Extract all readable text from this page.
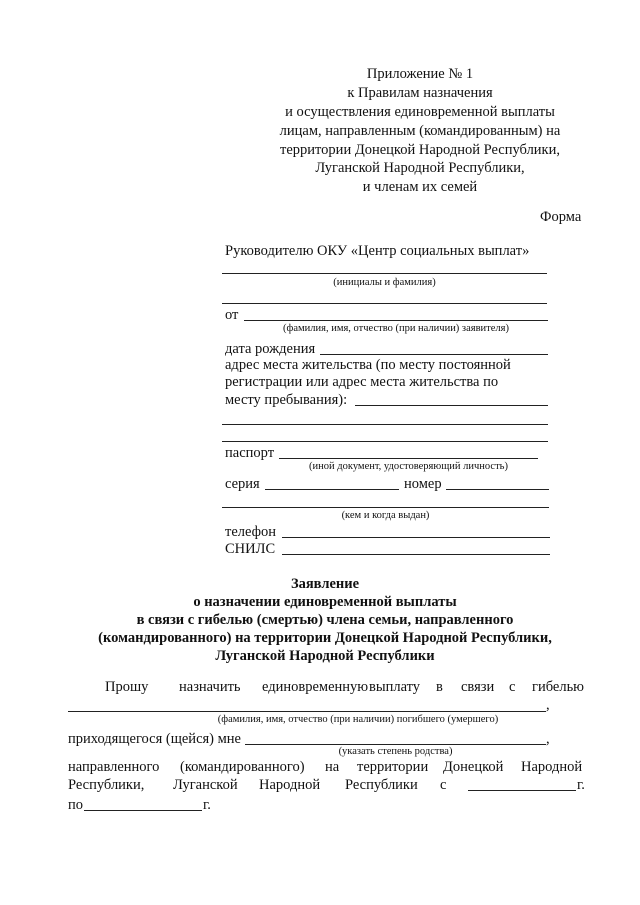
Приложение № 1
к Правилам назначения
и осуществления единовременной выплаты
лицам, направленным (командированным) на
территории Донецкой Народной Республики,
Луганской Народной Республики,
и членам их семей
Форма
Руководителю ОКУ «Центр социальных выплат»
(инициалы и фамилия)
от
(фамилия, имя, отчество (при наличии) заявителя)
дата рождения
адрес места жительства (по месту постоянной
регистрации или адрес места жительства по
месту пребывания):
паспорт
(иной документ, удостоверяющий личность)
серия	номер
(кем и когда выдан)
телефон
СНИЛС
Заявление
о назначении единовременной выплаты
в связи с гибелью (смертью) члена семьи, направленного
(командированного) на территории Донецкой Народной Республики,
Луганской Народной Республики
Прошу назначить единовременную выплату в связи с гибелью
,
(фамилия, имя, отчество (при наличии) погибшего (умершего)
приходящегося (щейся) мне	,
(указать степень родства)
направленного (командированного) на территории Донецкой Народной
Республики, Луганской Народной Республики с	г.
по	г.
